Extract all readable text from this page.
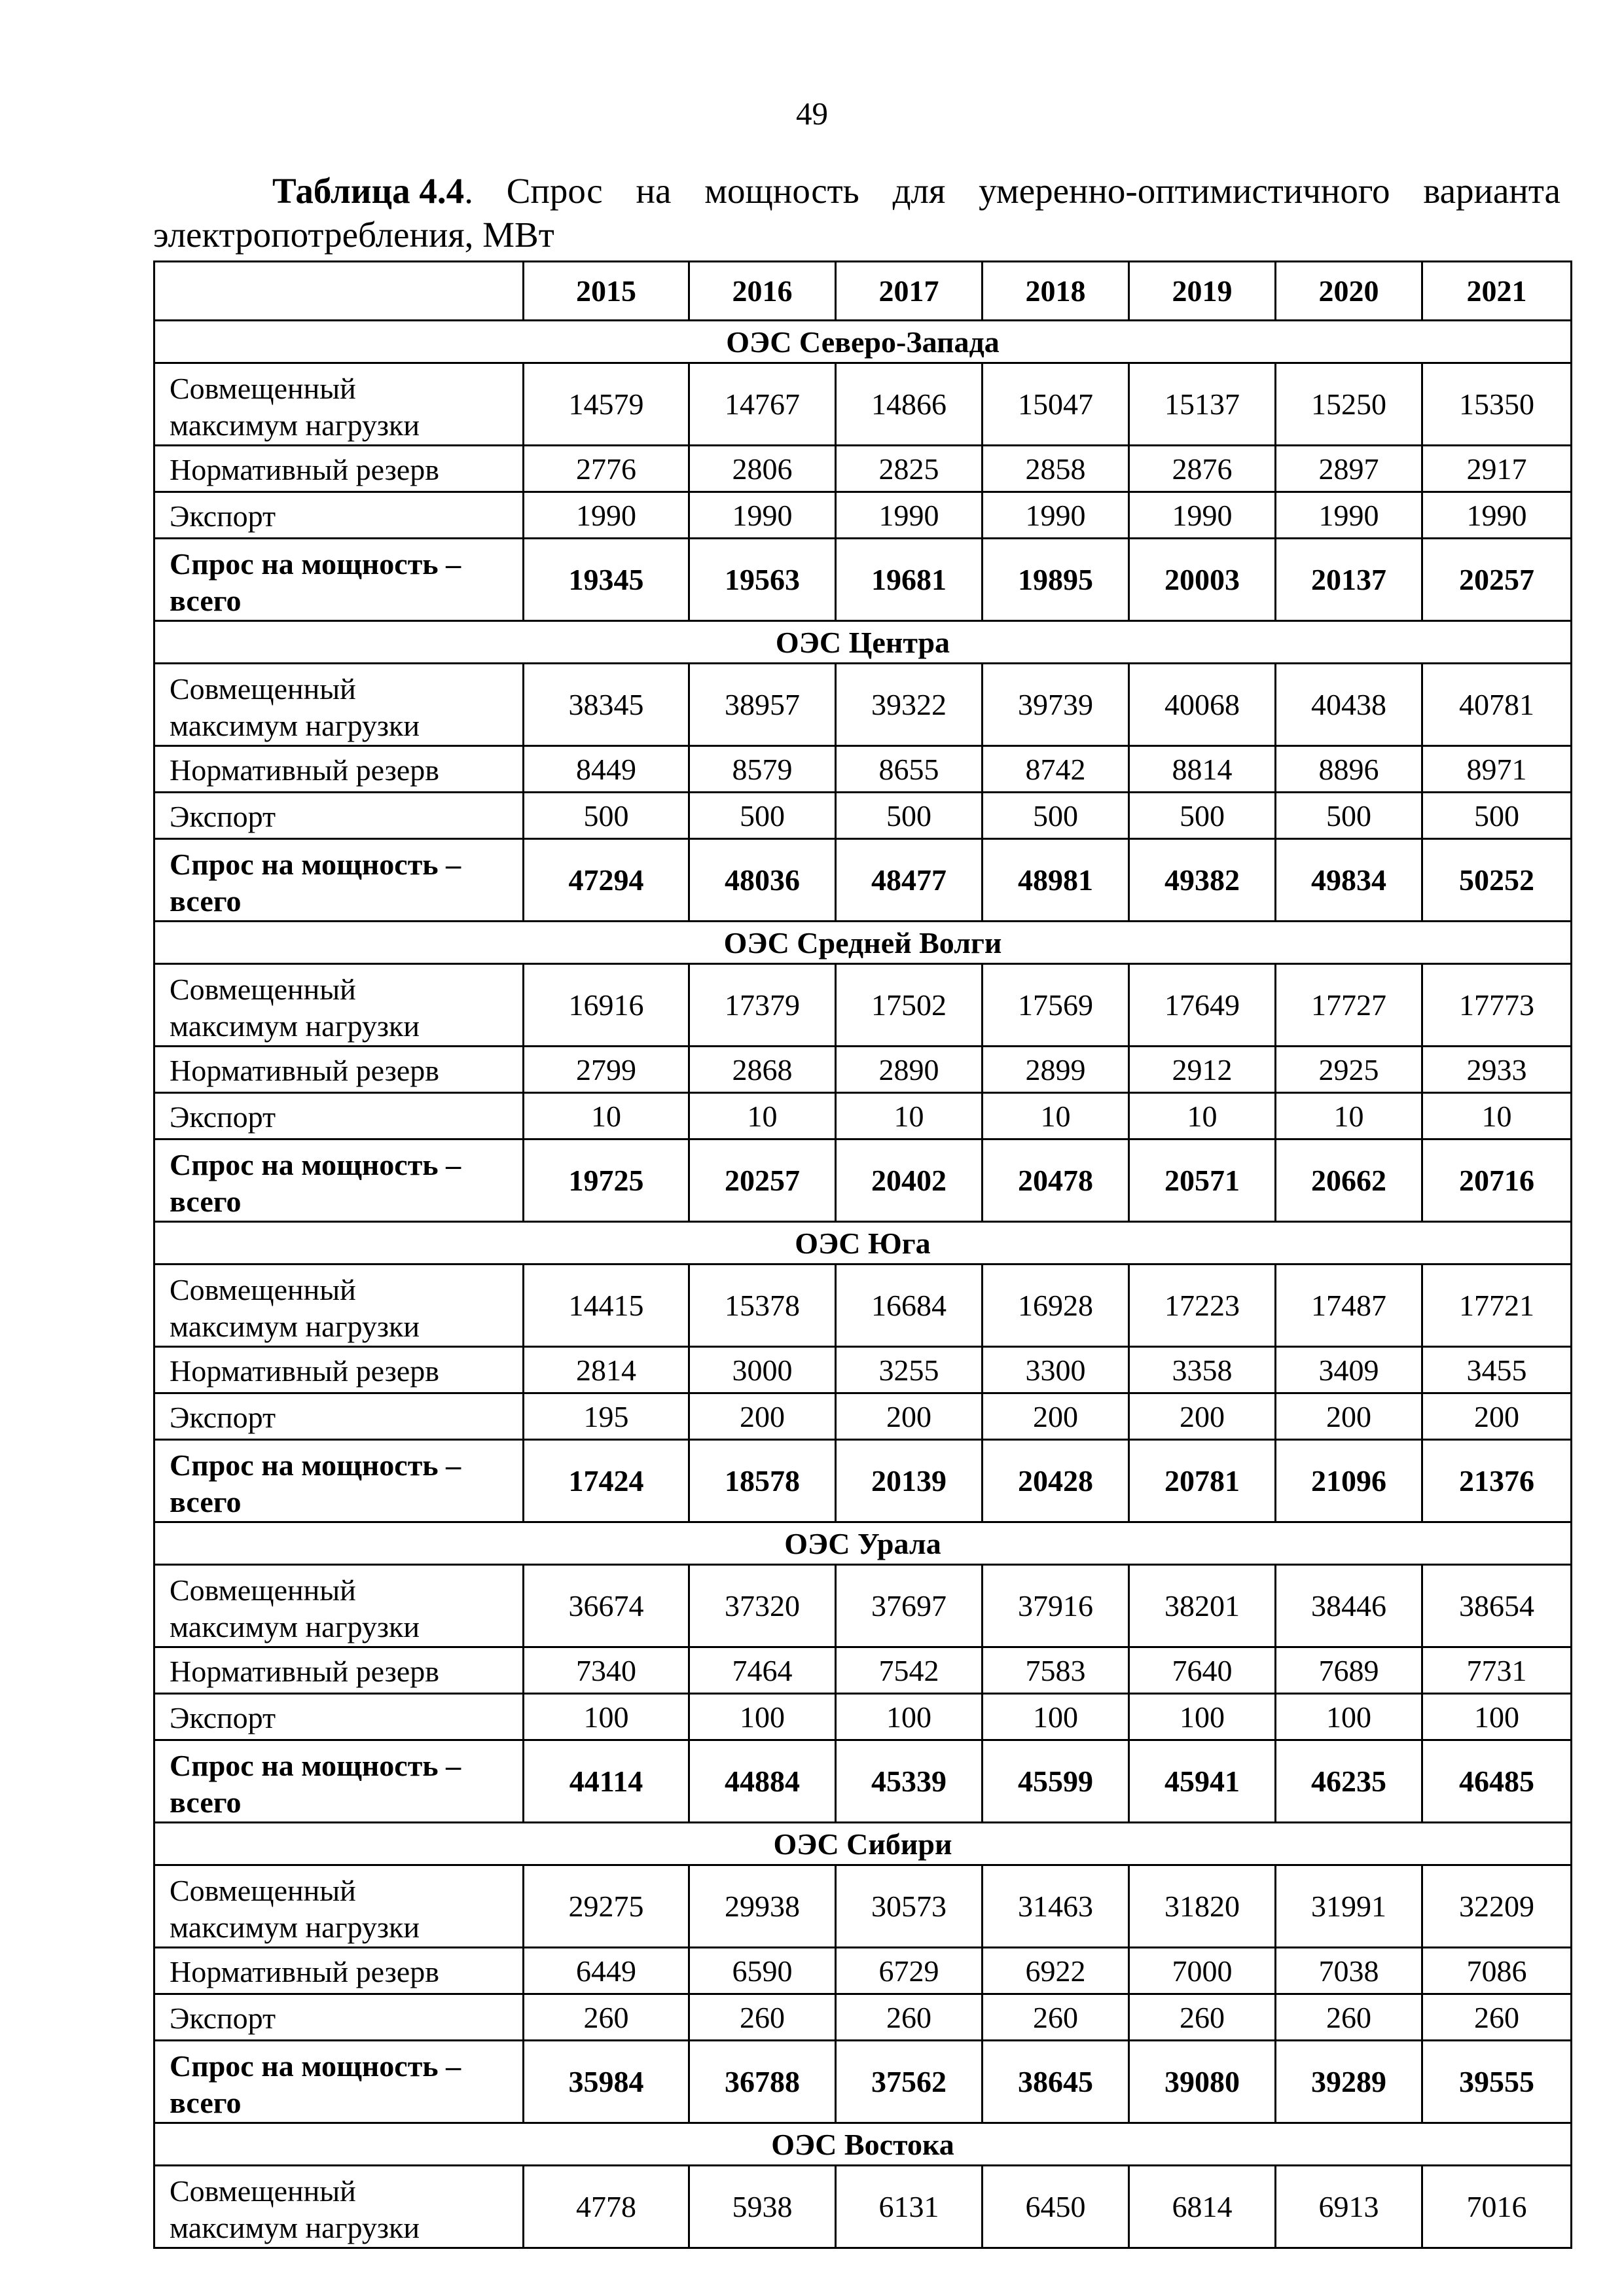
49
Таблица 4.4. Спрос на мощность для умеренно-оптимистичного варианта
электропотребления, МВт
	2015	2016	2017	2018	2019	2020	2021
ОЭС Северо-Запада							

Совмещенный
максимум нагрузки	14579	14767	14866	15047	15137	15250	15350
Нормативный резерв	2776	2806	2825	2858	2876	2897	2917
Экспорт	1990	1990	1990	1990	1990	1990	1990

Спрос на мощность –
всего	19345	19563	19681	19895	20003	20137	20257
ОЭС Центра							

Совмещенный
максимум нагрузки	38345	38957	39322	39739	40068	40438	40781
Нормативный резерв	8449	8579	8655	8742	8814	8896	8971
Экспорт	500	500	500	500	500	500	500

Спрос на мощность –
всего	47294	48036	48477	48981	49382	49834	50252
ОЭС Средней Волги							

Совмещенный
максимум нагрузки	16916	17379	17502	17569	17649	17727	17773
Нормативный резерв	2799	2868	2890	2899	2912	2925	2933
Экспорт	10	10	10	10	10	10	10

Спрос на мощность –
всего	19725	20257	20402	20478	20571	20662	20716
ОЭС Юга							

Совмещенный
максимум нагрузки	14415	15378	16684	16928	17223	17487	17721
Нормативный резерв	2814	3000	3255	3300	3358	3409	3455
Экспорт	195	200	200	200	200	200	200

Спрос на мощность –
всего	17424	18578	20139	20428	20781	21096	21376
ОЭС Урала							

Совмещенный
максимум нагрузки	36674	37320	37697	37916	38201	38446	38654
Нормативный резерв	7340	7464	7542	7583	7640	7689	7731
Экспорт	100	100	100	100	100	100	100

Спрос на мощность –
всего	44114	44884	45339	45599	45941	46235	46485
ОЭС Сибири							

Совмещенный
максимум нагрузки	29275	29938	30573	31463	31820	31991	32209
Нормативный резерв	6449	6590	6729	6922	7000	7038	7086
Экспорт	260	260	260	260	260	260	260

Спрос на мощность –
всего	35984	36788	37562	38645	39080	39289	39555
ОЭС Востока							

Совмещенный
максимум нагрузки	4778	5938	6131	6450	6814	6913	7016
